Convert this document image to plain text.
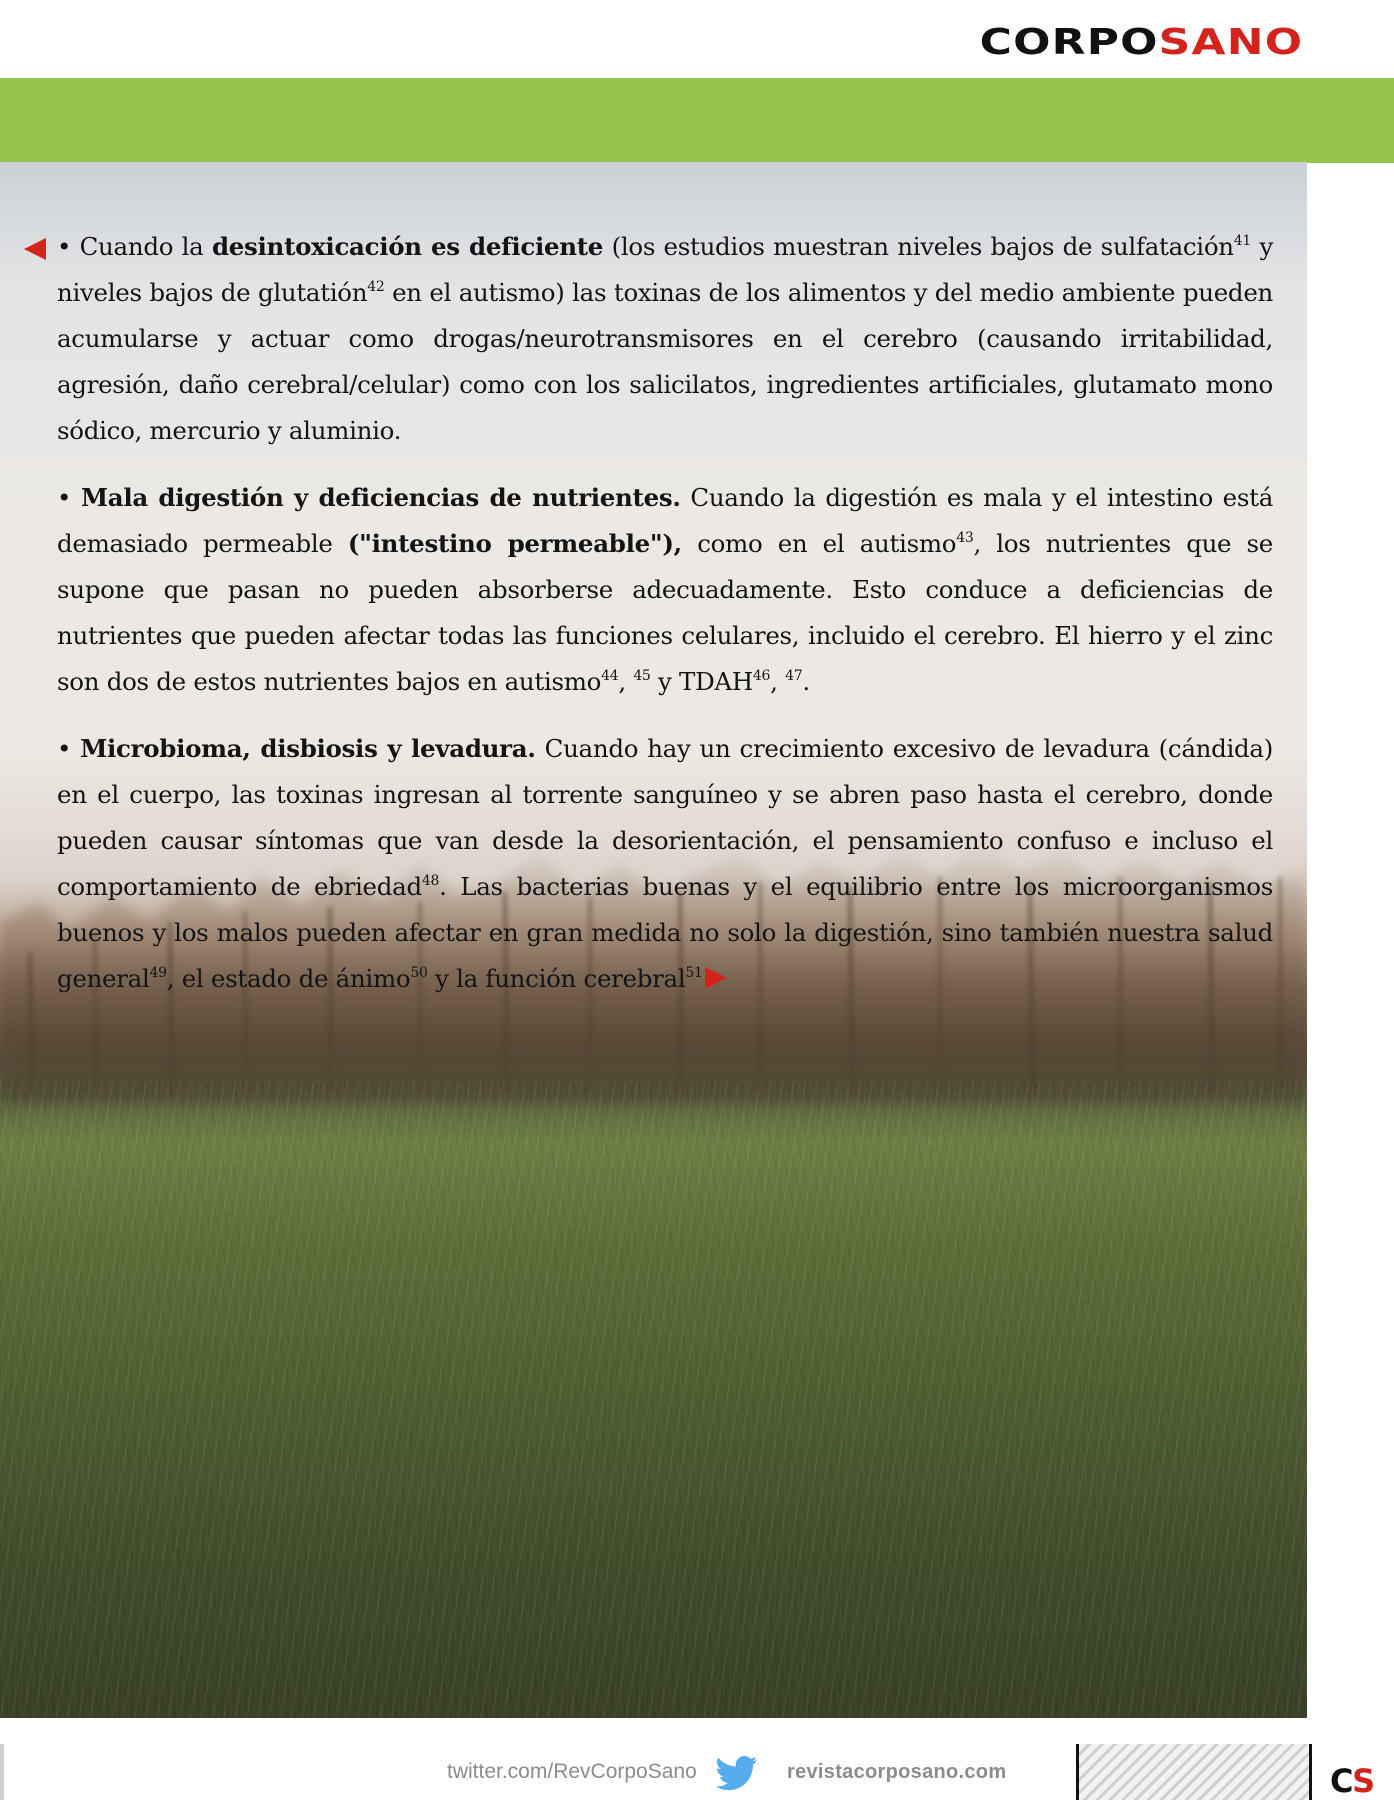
CORPOSANO

• Cuando la desintoxicación es deficiente (los estudios muestran niveles bajos de sulfatación$^{41}$ y niveles bajos de glutatión$^{42}$ en el autismo) las toxinas de los alimentos y del medio ambiente pueden acumularse y actuar como drogas/neurotransmisores en el cerebro (causando irritabilidad, agresión, daño cerebral/celular) como con los salicilatos, ingredientes artificiales, glutamato mono sódico, mercurio y aluminio.

• Mala digestión y deficiencias de nutrientes. Cuando la digestión es mala y el intestino está demasiado permeable ("intestino permeable"), como en el autismo$^{43}$, los nutrientes que se supone que pasan no pueden absorberse adecuadamente. Esto conduce a deficiencias de nutrientes que pueden afectar todas las funciones celulares, incluido el cerebro. El hierro y el zinc son dos de estos nutrientes bajos en autismo$^{44}$, $^{45}$ y TDAH$^{46}$, $^{47}$.

• Microbioma, disbiosis y levadura. Cuando hay un crecimiento excesivo de levadura (cándida) en el cuerpo, las toxinas ingresan al torrente sanguíneo y se abren paso hasta el cerebro, donde pueden causar síntomas que van desde la desorientación, el pensamiento confuso e incluso el comportamiento de ebriedad$^{48}$. Las bacterias buenas y el equilibrio entre los microorganismos buenos y los malos pueden afectar en gran medida no solo la digestión, sino también nuestra salud general$^{49}$, el estado de ánimo$^{50}$ y la función cerebral$^{51}$

twitter.com/RevCorpoSano	revistacorposano.com	CS
